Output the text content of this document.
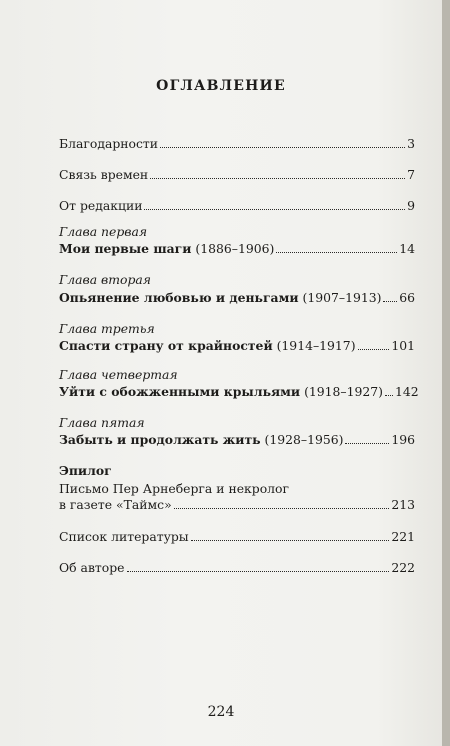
ОГЛАВЛЕНИЕ
Благодарности	3
Связь времен	7
От редакции	9
Глава первая
Мои первые шаги (1886–1906)	14
Глава вторая
Опьянение любовью и деньгами (1907–1913) 66
Глава третья
Спасти страну от крайностей (1914–1917)	101
Глава четвертая
Уйти с обожженными крыльями (1918–1927) 142
Глава пятая
Забыть и продолжать жить (1928–1956)	196
Эпилог
Письмо Пер Арнеберга и некролог
в газете «Таймс»	213
Список литературы	221
Об авторе	222
224
